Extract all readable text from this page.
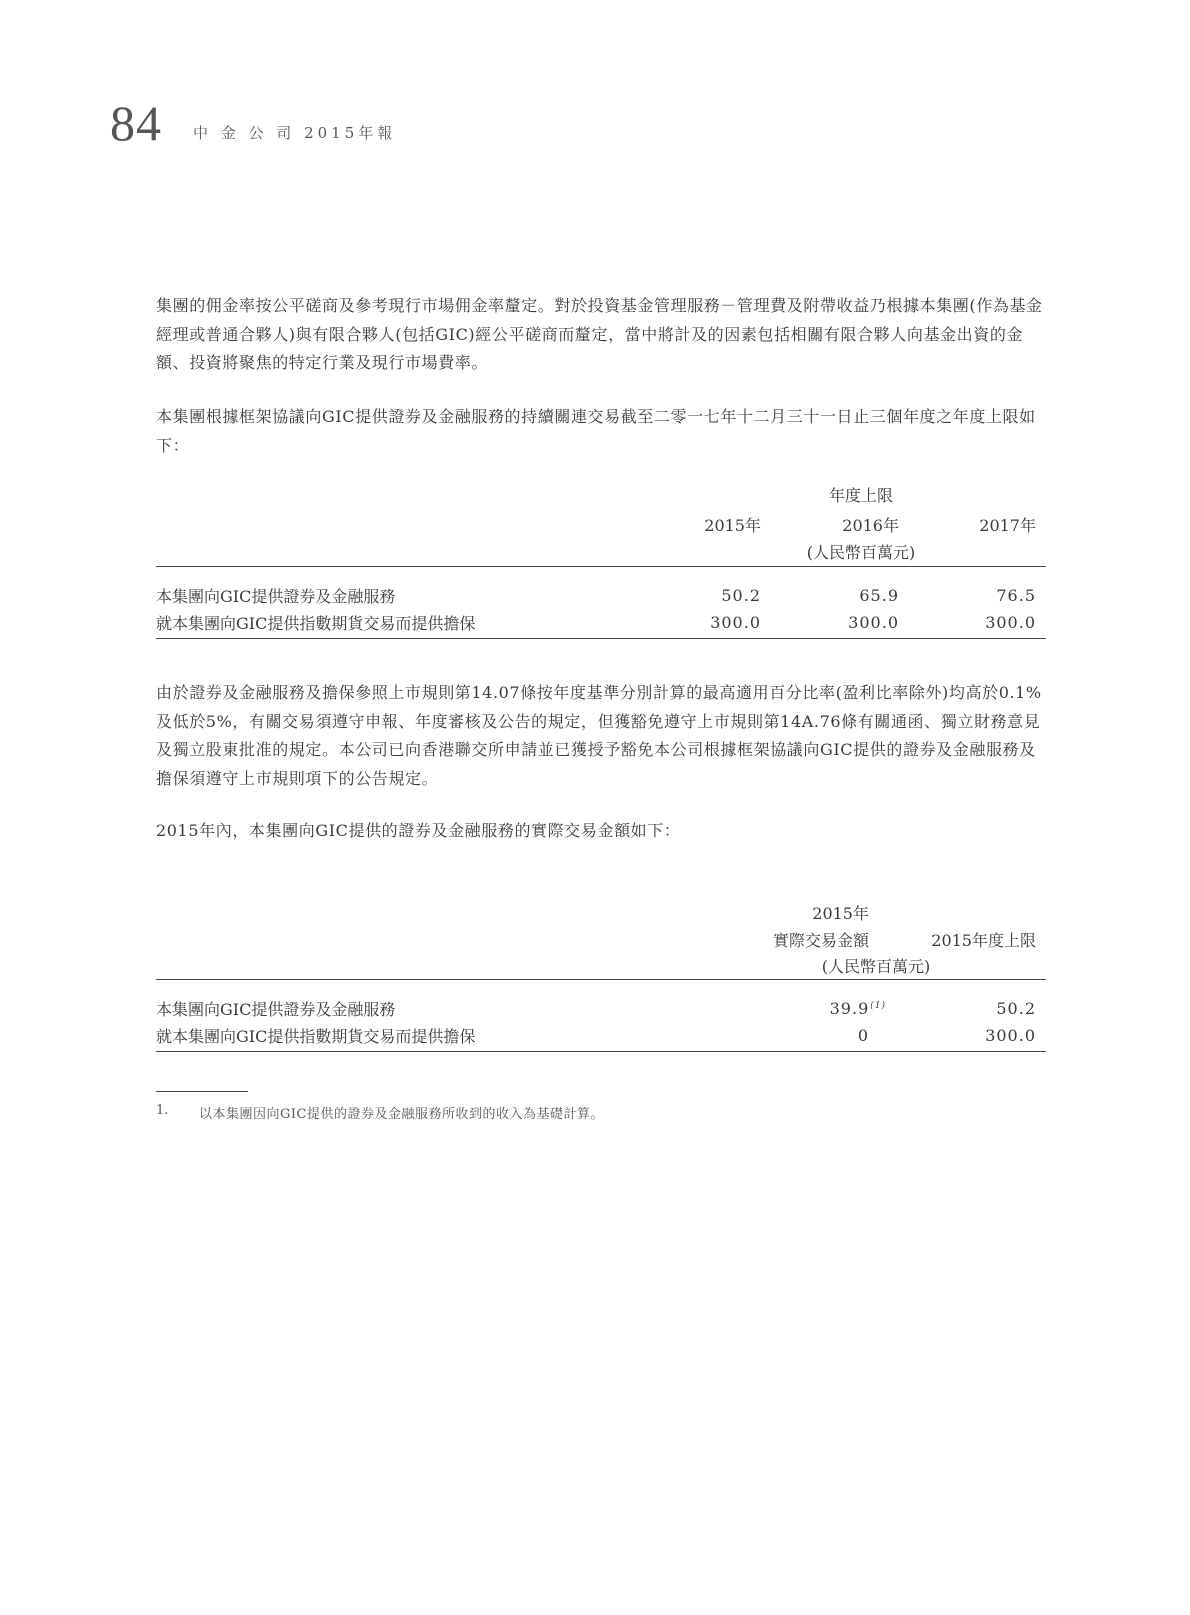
84 中 金 公 司 2015年報

集團的佣金率按公平磋商及參考現行市場佣金率釐定。對於投資基金管理服務－管理費及附帶收益乃根據本集團(作為基金經理或普通合夥人)與有限合夥人(包括GIC)經公平磋商而釐定，當中將計及的因素包括相關有限合夥人向基金出資的金額、投資將聚焦的特定行業及現行市場費率。

本集團根據框架協議向GIC提供證券及金融服務的持續關連交易截至二零一七年十二月三十一日止三個年度之年度上限如下：

年度上限
2015年	2016年	2017年
(人民幣百萬元)
本集團向GIC提供證券及金融服務	50.2	65.9	76.5
就本集團向GIC提供指數期貨交易而提供擔保	300.0	300.0	300.0

由於證券及金融服務及擔保參照上市規則第14.07條按年度基準分別計算的最高適用百分比率(盈利比率除外)均高於0.1%及低於5%，有關交易須遵守申報、年度審核及公告的規定，但獲豁免遵守上市規則第14A.76條有關通函、獨立財務意見及獨立股東批准的規定。本公司已向香港聯交所申請並已獲授予豁免本公司根據框架協議向GIC提供的證券及金融服務及擔保須遵守上市規則項下的公告規定。

2015年內，本集團向GIC提供的證券及金融服務的實際交易金額如下：

2015年
實際交易金額	2015年度上限
(人民幣百萬元)
本集團向GIC提供證券及金融服務	39.9$^{(1)}$	50.2
就本集團向GIC提供指數期貨交易而提供擔保	0	300.0
1. 以本集團因向GIC提供的證券及金融服務所收到的收入為基礎計算。
